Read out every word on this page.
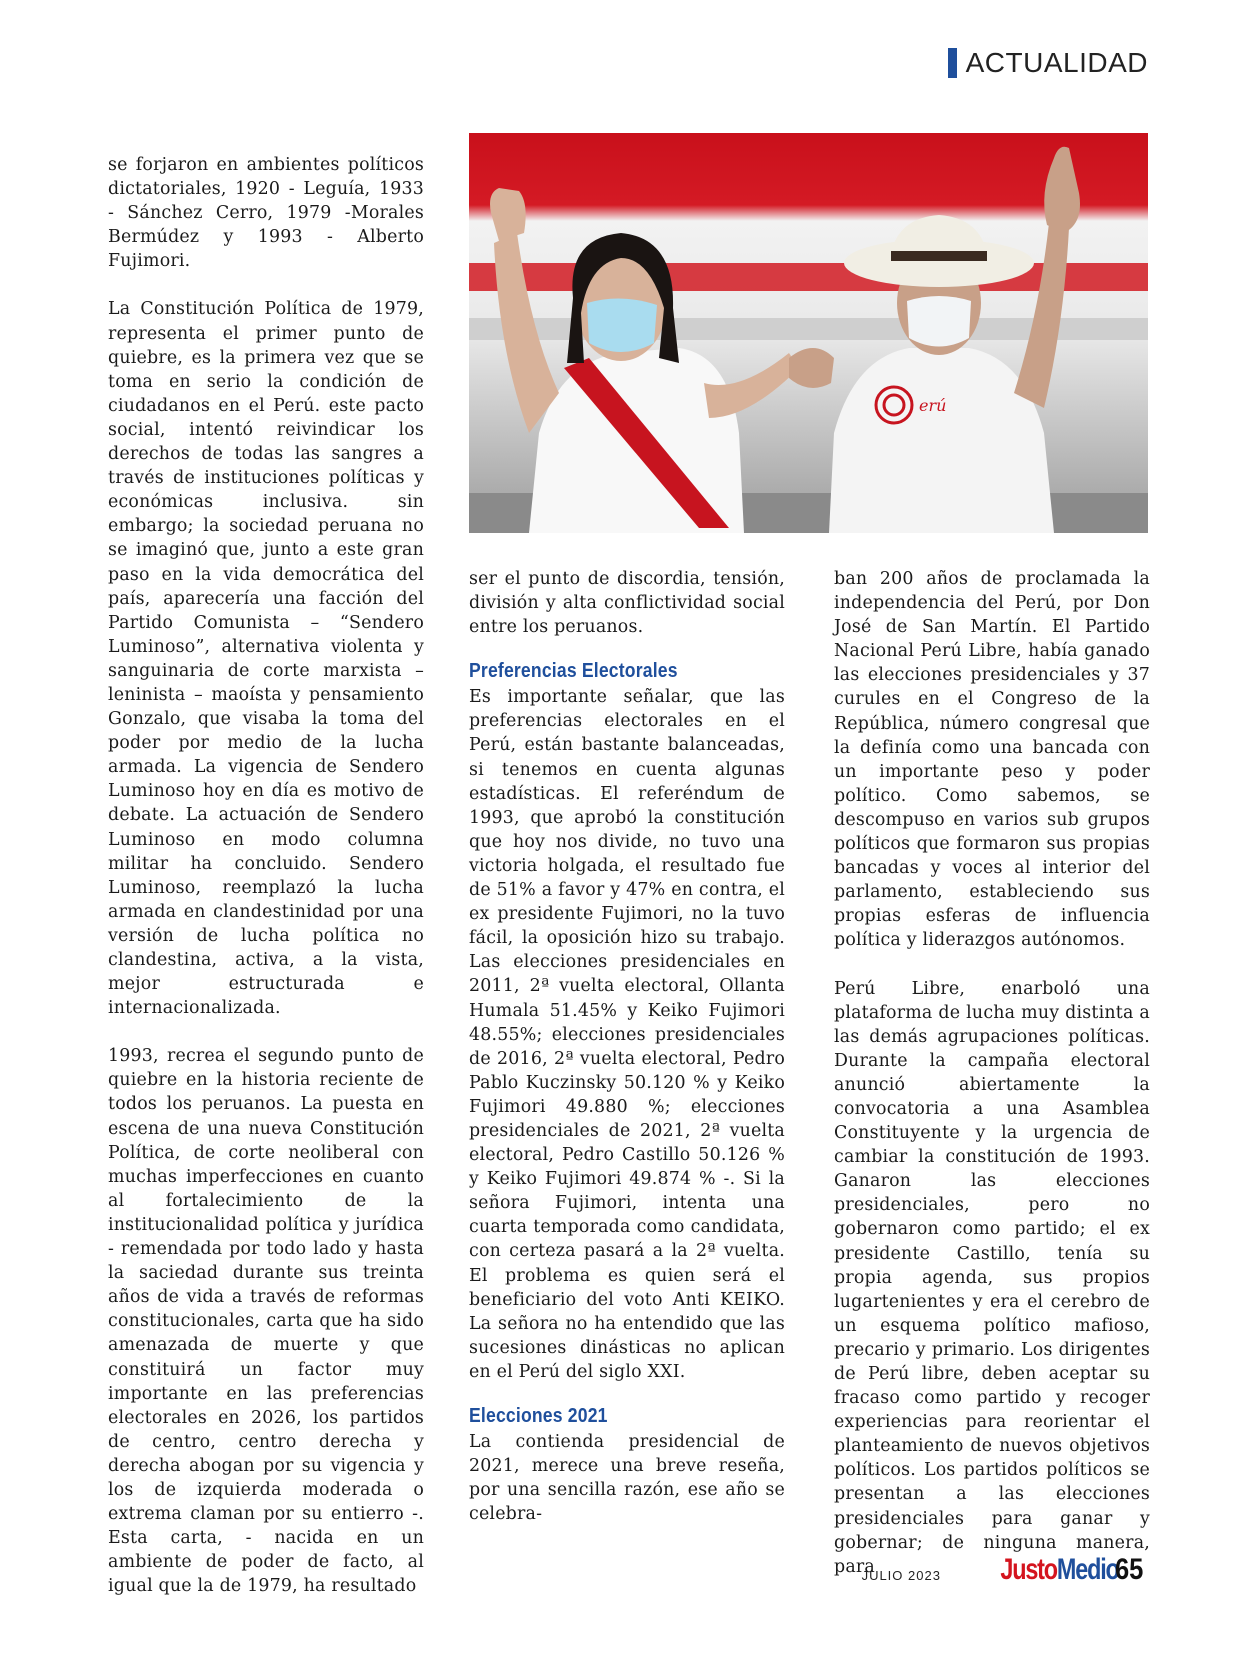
ACTUALIDAD

se forjaron en ambientes políticos dictatoriales, 1920 - Leguía, 1933 - Sánchez Cerro, 1979 -Morales Bermúdez y 1993 - Alberto Fujimori.

La Constitución Política de 1979, representa el primer punto de quiebre, es la primera vez que se toma en serio la condición de ciudadanos en el Perú. este pacto social, intentó reivindicar los derechos de todas las sangres a través de instituciones políticas y económicas inclusiva. sin embargo; la sociedad peruana no se imaginó que, junto a este gran paso en la vida democrática del país, aparecería una facción del Partido Comunista – “Sendero Luminoso”, alternativa violenta y sanguinaria de corte marxista – leninista – maoísta y pensamiento Gonzalo, que visaba la toma del poder por medio de la lucha armada. La vigencia de Sendero Luminoso hoy en día es motivo de debate. La actuación de Sendero Luminoso en modo columna militar ha concluido. Sendero Luminoso, reemplazó la lucha armada en clandestinidad por una versión de lucha política no clandestina, activa, a la vista, mejor estructurada e internacionalizada.

1993, recrea el segundo punto de quiebre en la historia reciente de todos los peruanos. La puesta en escena de una nueva Constitución Política, de corte neoliberal con muchas imperfecciones en cuanto al fortalecimiento de la institucionalidad política y jurídica - remendada por todo lado y hasta la saciedad durante sus treinta años de vida a través de reformas constitucionales, carta que ha sido amenazada de muerte y que constituirá un factor muy importante en las preferencias electorales en 2026, los partidos de centro, centro derecha y derecha abogan por su vigencia y los de izquierda moderada o extrema claman por su entierro -. Esta carta, - nacida en un ambiente de poder de facto, al igual que la de 1979, ha resultado

erú

ser el punto de discordia, tensión, división y alta conflictividad social entre los peruanos.

Preferencias Electorales

Es importante señalar, que las preferencias electorales en el Perú, están bastante balanceadas, si tenemos en cuenta algunas estadísticas. El referéndum de 1993, que aprobó la constitución que hoy nos divide, no tuvo una victoria holgada, el resultado fue de 51% a favor y 47% en contra, el ex presidente Fujimori, no la tuvo fácil, la oposición hizo su trabajo. Las elecciones presidenciales en 2011, 2ª vuelta electoral, Ollanta Humala 51.45% y Keiko Fujimori 48.55%; elecciones presidenciales de 2016, 2ª vuelta electoral, Pedro Pablo Kuczinsky 50.120 % y Keiko Fujimori 49.880 %; elecciones presidenciales de 2021, 2ª vuelta electoral, Pedro Castillo 50.126 % y Keiko Fujimori 49.874 % -. Si la señora Fujimori, intenta una cuarta temporada como candidata, con certeza pasará a la 2ª vuelta. El problema es quien será el beneficiario del voto Anti KEIKO. La señora no ha entendido que las sucesiones dinásticas no aplican en el Perú del siglo XXI.

Elecciones 2021

La contienda presidencial de 2021, merece una breve reseña, por una sencilla razón, ese año se celebra-

ban 200 años de proclamada la independencia del Perú, por Don José de San Martín. El Partido Nacional Perú Libre, había ganado las elecciones presidenciales y 37 curules en el Congreso de la República, número congresal que la definía como una bancada con un importante peso y poder político. Como sabemos, se descompuso en varios sub grupos políticos que formaron sus propias bancadas y voces al interior del parlamento, estableciendo sus propias esferas de influencia política y liderazgos autónomos.

Perú Libre, enarboló una plataforma de lucha muy distinta a las demás agrupaciones políticas. Durante la campaña electoral anunció abiertamente la convocatoria a una Asamblea Constituyente y la urgencia de cambiar la constitución de 1993. Ganaron las elecciones presidenciales, pero no gobernaron como partido; el ex presidente Castillo, tenía su propia agenda, sus propios lugartenientes y era el cerebro de un esquema político mafioso, precario y primario. Los dirigentes de Perú libre, deben aceptar su fracaso como partido y recoger experiencias para reorientar el planteamiento de nuevos objetivos políticos. Los partidos políticos se presentan a las elecciones presidenciales para ganar y gobernar; de ninguna manera, para

JULIO 2023 JustoMedio
65
